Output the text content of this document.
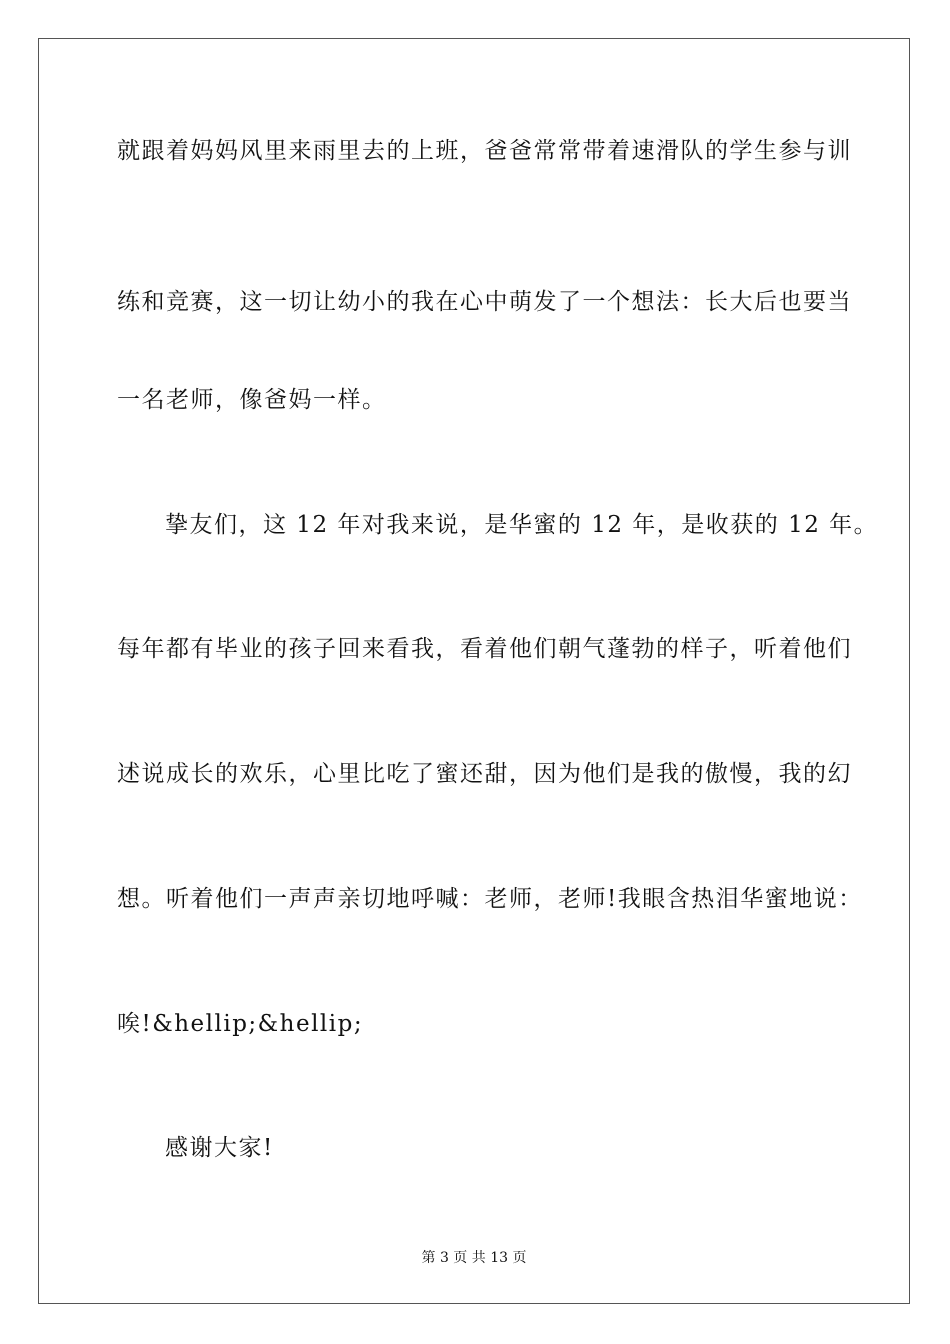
就跟着妈妈风里来雨里去的上班，爸爸常常带着速滑队的学生参与训

练和竞赛，这一切让幼小的我在心中萌发了一个想法：长大后也要当

一名老师，像爸妈一样。

挚友们，这 12 年对我来说，是华蜜的 12 年，是收获的 12 年。

每年都有毕业的孩子回来看我，看着他们朝气蓬勃的样子，听着他们

述说成长的欢乐，心里比吃了蜜还甜，因为他们是我的傲慢，我的幻

想。听着他们一声声亲切地呼喊：老师，老师!我眼含热泪华蜜地说：

唉!&hellip;&hellip;

感谢大家!

第 3 页 共 13 页
